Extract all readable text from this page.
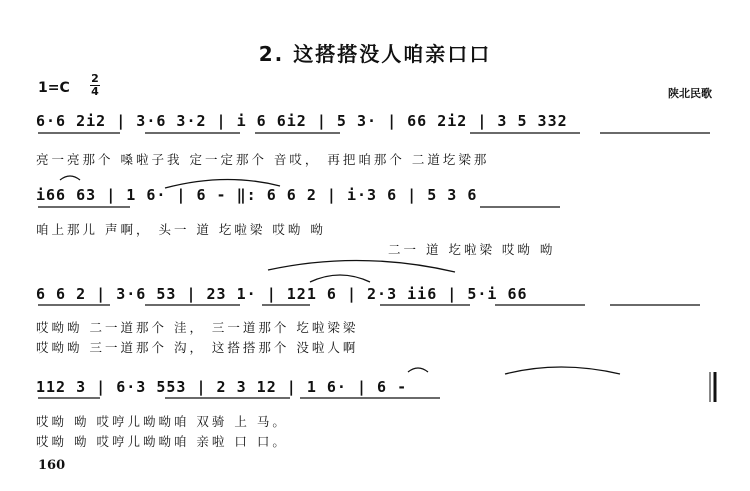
2. 这搭搭没人咱亲口口
1=C
2
4	陕北民歌
6·6 2i2 | 3·6 3·2 | i 6 6i2 | 5 3· | 66 2i2 | 3 5 332
亮一亮那个 嗓啦子我 定一定那个 音哎， 再把咱那个 二道圪梁那
i66 63 | 1 6· | 6 - ‖: 6 6 2 | i·3 6 | 5 3 6
咱上那儿 声啊， 头一 道 圪啦梁 哎呦 呦
二一 道 圪啦梁 哎呦 呦
6 6 2 | 3·6 53 | 23 1· | 121 6 | 2·3 ii6 | 5·i 66
哎呦呦 二一道那个 洼， 三一道那个 圪啦梁梁
哎呦呦 三一道那个 沟， 这搭搭那个 没啦人啊
112 3 | 6·3 553 | 2 3 12 | 1 6· | 6 -
哎呦 呦 哎哼儿呦呦咱 双骑 上 马。
哎呦 呦 哎哼儿呦呦咱 亲啦 口 口。
160
